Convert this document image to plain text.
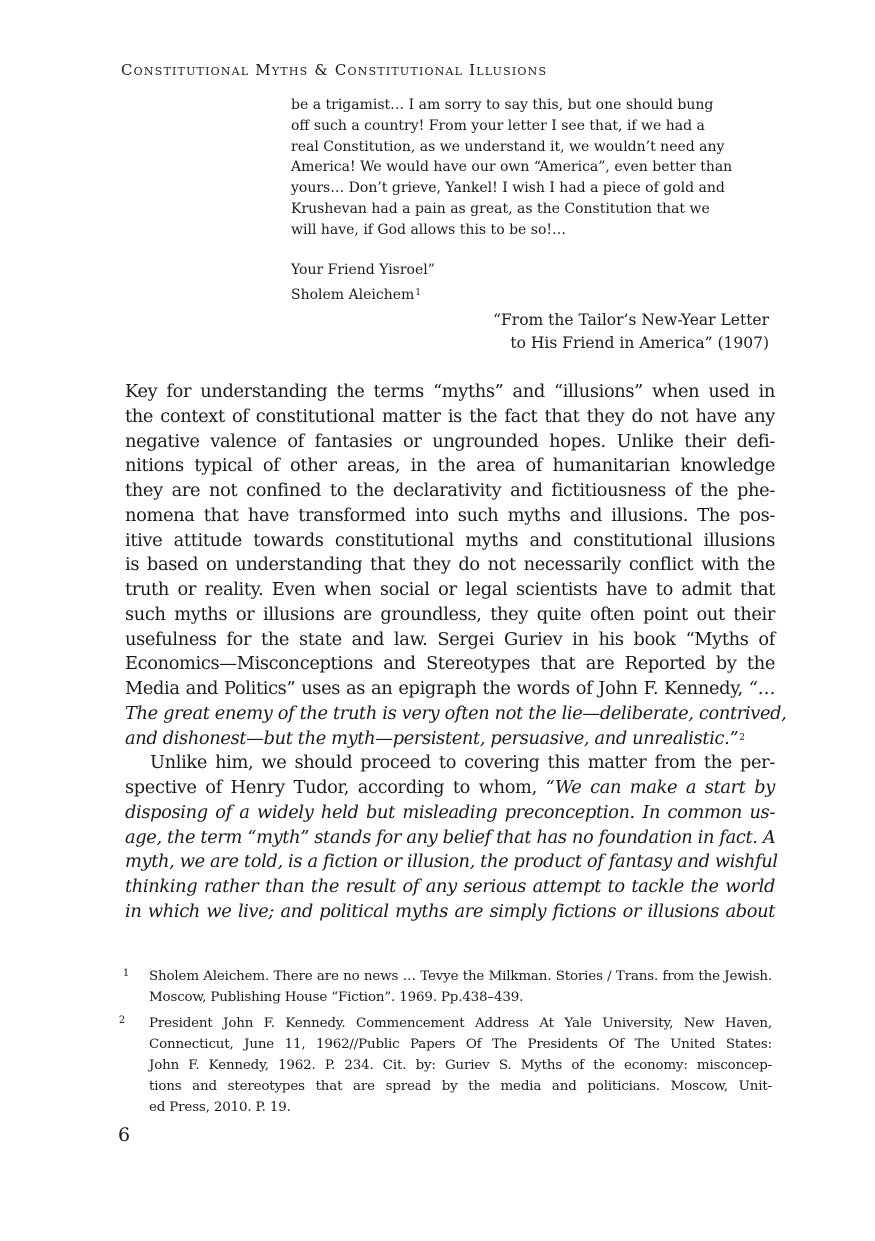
Constitutional Myths & Constitutional Illusions

be a trigamist… I am sorry to say this, but one should bung

off such a country! From your letter I see that, if we had a

real Constitution, as we understand it, we wouldn’t need any

America! We would have our own “America”, even better than

yours… Don’t grieve, Yankel! I wish I had a piece of gold and

Krushevan had a pain as great, as the Constitution that we

will have, if God allows this to be so!…

Your Friend Yisroel”
Sholem Aleichem$^1$
“From the Tailor’s New-Year Letter
to His Friend in America” (1907)
Key for understanding the terms “myths” and “illusions” when used in
the context of constitutional matter is the fact that they do not have any
negative valence of fantasies or ungrounded hopes. Unlike their defi-
nitions typical of other areas, in the area of humanitarian knowledge
they are not confined to the declarativity and fictitiousness of the phe-
nomena that have transformed into such myths and illusions. The pos-
itive attitude towards constitutional myths and constitutional illusions
is based on understanding that they do not necessarily conflict with the
truth or reality. Even when social or legal scientists have to admit that
such myths or illusions are groundless, they quite often point out their
usefulness for the state and law. Sergei Guriev in his book “Myths of
Economics—Misconceptions and Stereotypes that are Reported by the
Media and Politics” uses as an epigraph the words of John F. Kennedy, “…
The great enemy of the truth is very often not the lie—deliberate, contrived,
and dishonest—but the myth—persistent, persuasive, and unrealistic.”$^2$
Unlike him, we should proceed to covering this matter from the per-
spective of Henry Tudor, according to whom, “We can make a start by
disposing of a widely held but misleading preconception. In common us-
age, the term “myth” stands for any belief that has no foundation in fact. A
myth, we are told, is a fiction or illusion, the product of fantasy and wishful
thinking rather than the result of any serious attempt to tackle the world
in which we live; and political myths are simply fictions or illusions about
1	Sholem Aleichem. There are no news … Tevye the Milkman. Stories / Trans. from the Jewish.
Moscow, Publishing House “Fiction”. 1969. Pp.438–439.
2	President John F. Kennedy. Commencement Address At Yale University, New Haven,
Connecticut, June 11, 1962//Public Papers Of The Presidents Of The United States:
John F. Kennedy, 1962. P. 234. Cit. by: Guriev S. Myths of the economy: misconcep-
tions and stereotypes that are spread by the media and politicians. Moscow, Unit-
ed Press, 2010. P. 19.
6
